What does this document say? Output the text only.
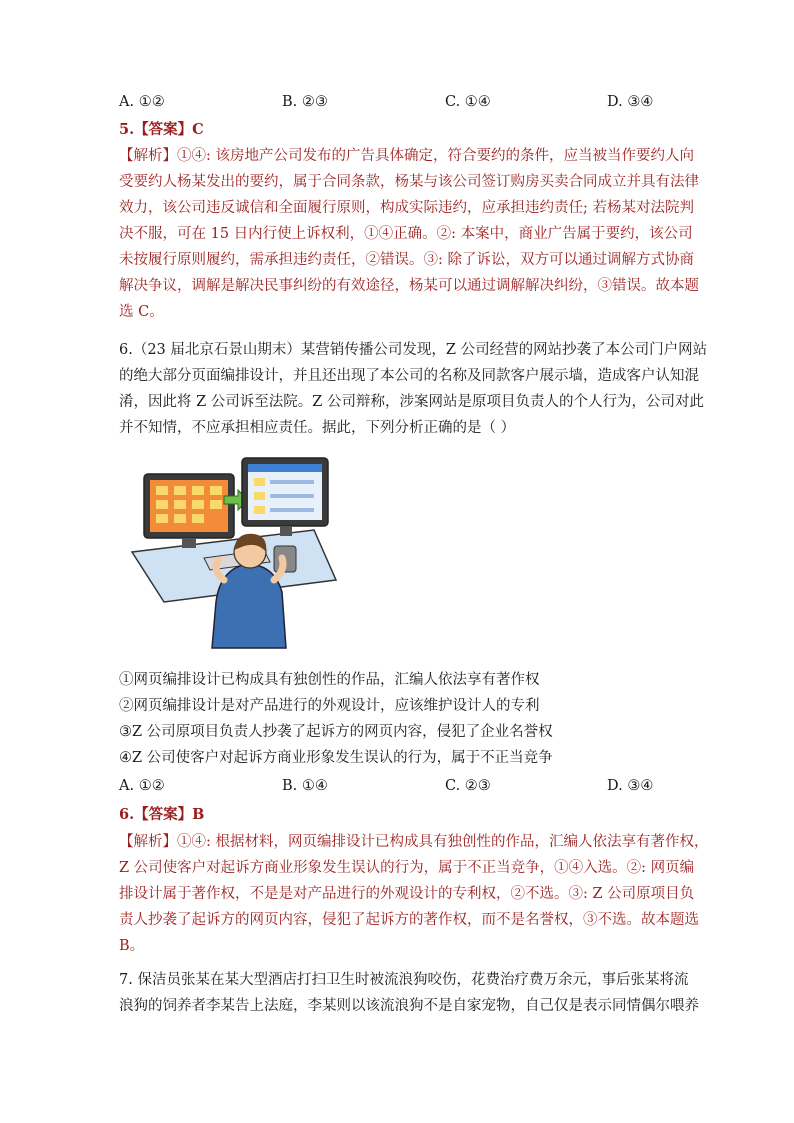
A. ①②	B. ②③	C. ①④	D. ③④
5.【答案】C
【解析】①④: 该房地产公司发布的广告具体确定，符合要约的条件，应当被当作要约人向
受要约人杨某发出的要约，属于合同条款，杨某与该公司签订购房买卖合同成立并具有法律
效力，该公司违反诚信和全面履行原则，构成实际违约，应承担违约责任; 若杨某对法院判
决不服，可在 15 日内行使上诉权利，①④正确。②: 本案中，商业广告属于要约，该公司
未按履行原则履约，需承担违约责任，②错误。③: 除了诉讼，双方可以通过调解方式协商
解决争议，调解是解决民事纠纷的有效途径，杨某可以通过调解解决纠纷，③错误。故本题
选 C。
6.（23 届北京石景山期末）某营销传播公司发现，Z 公司经营的网站抄袭了本公司门户网站
的绝大部分页面编排设计，并且还出现了本公司的名称及同款客户展示墙，造成客户认知混
淆，因此将 Z 公司诉至法院。Z 公司辩称，涉案网站是原项目负责人的个人行为，公司对此
并不知情，不应承担相应责任。据此，下列分析正确的是（ ）
①网页编排设计已构成具有独创性的作品，汇编人依法享有著作权
②网页编排设计是对产品进行的外观设计，应该维护设计人的专利
③Z 公司原项目负责人抄袭了起诉方的网页内容，侵犯了企业名誉权
④Z 公司使客户对起诉方商业形象发生误认的行为，属于不正当竞争
A. ①②	B. ①④	C. ②③	D. ③④
6.【答案】B
【解析】①④: 根据材料，网页编排设计已构成具有独创性的作品，汇编人依法享有著作权，
Z 公司使客户对起诉方商业形象发生误认的行为，属于不正当竞争，①④入选。②: 网页编
排设计属于著作权，不是是对产品进行的外观设计的专利权，②不选。③: Z 公司原项目负
责人抄袭了起诉方的网页内容，侵犯了起诉方的著作权，而不是名誉权，③不选。故本题选
B。
7. 保洁员张某在某大型酒店打扫卫生时被流浪狗咬伤，花费治疗费万余元，事后张某将流
浪狗的饲养者李某告上法庭，李某则以该流浪狗不是自家宠物，自己仅是表示同情偶尔喂养
